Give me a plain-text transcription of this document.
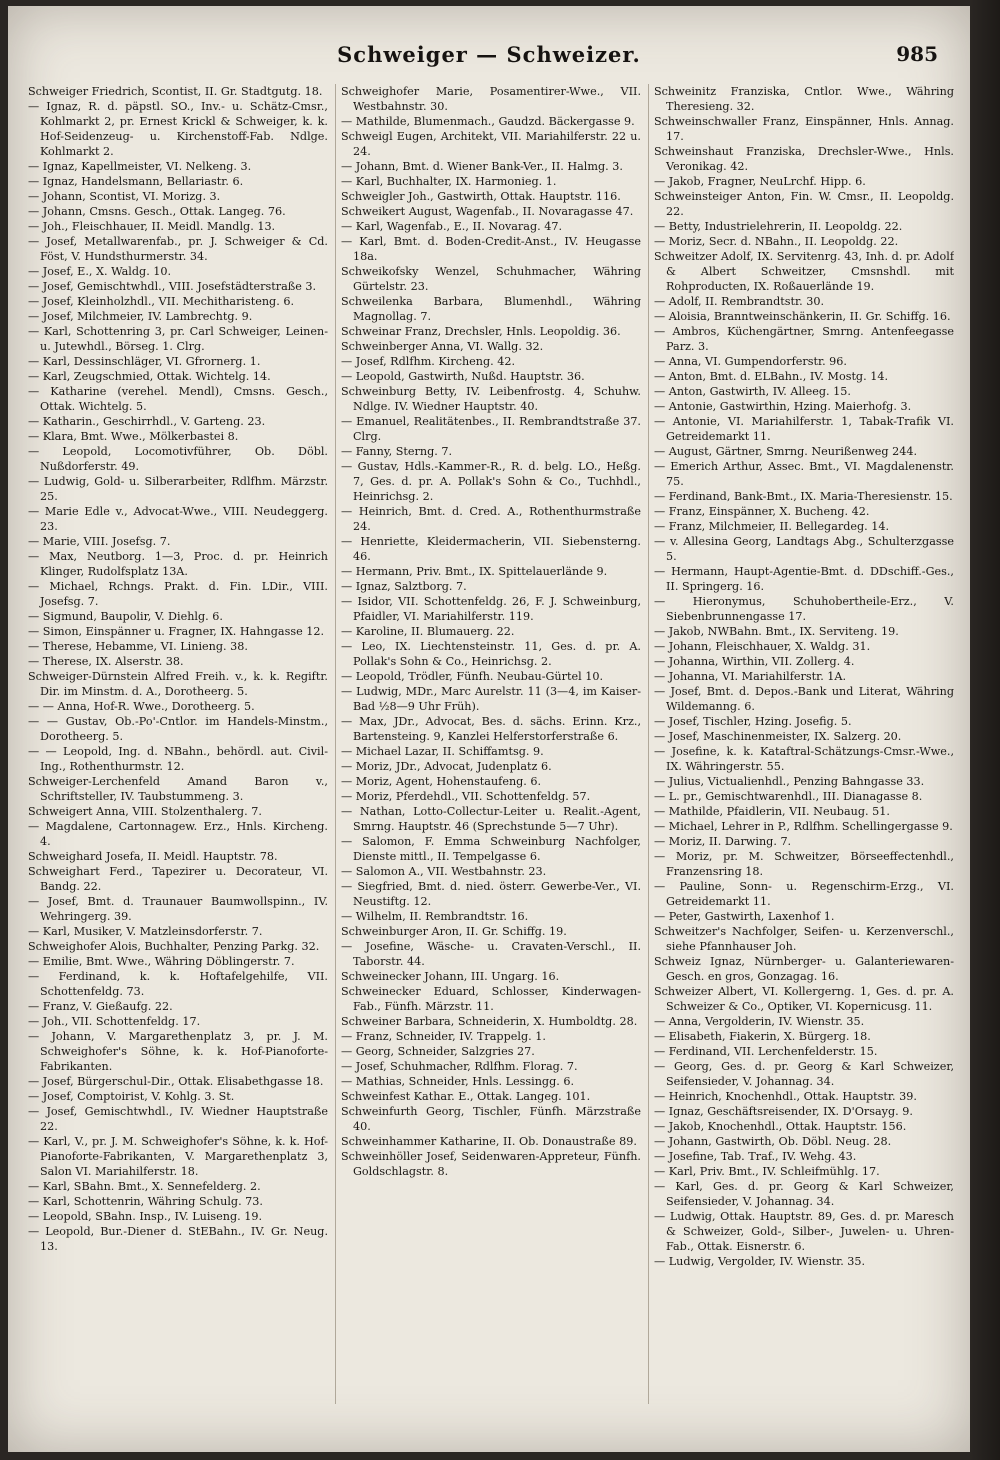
Schweiger — Schweizer.	985

Schweiger Friedrich, Scontist, II. Gr. Stadtgutg. 18.

— Ignaz, R. d. päpstl. SO., Inv.- u. Schätz-Cmsr., Kohlmarkt 2, pr. Ernest Krickl & Schweiger, k. k. Hof-Seidenzeug- u. Kirchenstoff-Fab. Ndlge. Kohlmarkt 2.

— Ignaz, Kapellmeister, VI. Nelkeng. 3.

— Ignaz, Handelsmann, Bellariastr. 6.

— Johann, Scontist, VI. Morizg. 3.

— Johann, Cmsns. Gesch., Ottak. Langeg. 76.

— Joh., Fleischhauer, II. Meidl. Mandlg. 13.

— Josef, Metallwarenfab., pr. J. Schweiger & Cd. Föst, V. Hundsthurmerstr. 34.

— Josef, E., X. Waldg. 10.

— Josef, Gemischtwhdl., VIII. Josefstädterstraße 3.

— Josef, Kleinholzhdl., VII. Mechitharisteng. 6.

— Josef, Milchmeier, IV. Lambrechtg. 9.

— Karl, Schottenring 3, pr. Carl Schweiger, Leinen- u. Jutewhdl., Börseg. 1. Clrg.

— Karl, Dessinschläger, VI. Gfrornerg. 1.

— Karl, Zeugschmied, Ottak. Wichtelg. 14.

— Katharine (verehel. Mendl), Cmsns. Gesch., Ottak. Wichtelg. 5.

— Katharin., Geschirrhdl., V. Garteng. 23.

— Klara, Bmt. Wwe., Mölkerbastei 8.

— Leopold, Locomotivführer, Ob. Döbl. Nußdorferstr. 49.

— Ludwig, Gold- u. Silberarbeiter, Rdlfhm. Märzstr. 25.

— Marie Edle v., Advocat-Wwe., VIII. Neudeggerg. 23.

— Marie, VIII. Josefsg. 7.

— Max, Neutborg. 1—3, Proc. d. pr. Heinrich Klinger, Rudolfsplatz 13A.

— Michael, Rchngs. Prakt. d. Fin. LDir., VIII. Josefsg. 7.

— Sigmund, Baupolir, V. Diehlg. 6.

— Simon, Einspänner u. Fragner, IX. Hahngasse 12.

— Therese, Hebamme, VI. Linieng. 38.

— Therese, IX. Alserstr. 38.

Schweiger-Dürnstein Alfred Freih. v., k. k. Regiftr. Dir. im Minstm. d. A., Dorotheerg. 5.

— — Anna, Hof-R. Wwe., Dorotheerg. 5.

— — Gustav, Ob.-Po'-Cntlor. im Handels-Minstm., Dorotheerg. 5.

— — Leopold, Ing. d. NBahn., behördl. aut. Civil-Ing., Rothenthurmstr. 12.

Schweiger-Lerchenfeld Amand Baron v., Schriftsteller, IV. Taubstummeng. 3.

Schweigert Anna, VIII. Stolzenthalerg. 7.

— Magdalene, Cartonnagew. Erz., Hnls. Kircheng. 4.

Schweighard Josefa, II. Meidl. Hauptstr. 78.

Schweighart Ferd., Tapezirer u. Decorateur, VI. Bandg. 22.

— Josef, Bmt. d. Traunauer Baumwollspinn., IV. Wehringerg. 39.

— Karl, Musiker, V. Matzleinsdorferstr. 7.

Schweighofer Alois, Buchhalter, Penzing Parkg. 32.

— Emilie, Bmt. Wwe., Währing Döblingerstr. 7.

— Ferdinand, k. k. Hoftafelgehilfe, VII. Schottenfeldg. 73.

— Franz, V. Gießaufg. 22.

— Joh., VII. Schottenfeldg. 17.

— Johann, V. Margarethenplatz 3, pr. J. M. Schweighofer's Söhne, k. k. Hof-Pianoforte-Fabrikanten.

— Josef, Bürgerschul-Dir., Ottak. Elisabethgasse 18.

— Josef, Comptoirist, V. Kohlg. 3. St.

— Josef, Gemischtwhdl., IV. Wiedner Hauptstraße 22.

— Karl, V., pr. J. M. Schweighofer's Söhne, k. k. Hof-Pianoforte-Fabrikanten, V. Margarethenplatz 3, Salon VI. Mariahilferstr. 18.

— Karl, SBahn. Bmt., X. Sennefelderg. 2.

— Karl, Schottenrin, Währing Schulg. 73.

— Leopold, SBahn. Insp., IV. Luiseng. 19.

— Leopold, Bur.-Diener d. StEBahn., IV. Gr. Neug. 13.

Schweighofer Marie, Posamentirer-Wwe., VII. Westbahnstr. 30.

— Mathilde, Blumenmach., Gaudzd. Bäckergasse 9.

Schweigl Eugen, Architekt, VII. Mariahilferstr. 22 u. 24.

— Johann, Bmt. d. Wiener Bank-Ver., II. Halmg. 3.

— Karl, Buchhalter, IX. Harmonieg. 1.

Schweigler Joh., Gastwirth, Ottak. Hauptstr. 116.

Schweikert August, Wagenfab., II. Novaragasse 47.

— Karl, Wagenfab., E., II. Novarag. 47.

— Karl, Bmt. d. Boden-Credit-Anst., IV. Heugasse 18a.

Schweikofsky Wenzel, Schuhmacher, Währing Gürtelstr. 23.

Schweilenka Barbara, Blumenhdl., Währing Magnollag. 7.

Schweinar Franz, Drechsler, Hnls. Leopoldig. 36.

Schweinberger Anna, VI. Wallg. 32.

— Josef, Rdlfhm. Kircheng. 42.

— Leopold, Gastwirth, Nußd. Hauptstr. 36.

Schweinburg Betty, IV. Leibenfrostg. 4, Schuhw. Ndlge. IV. Wiedner Hauptstr. 40.

— Emanuel, Realitätenbes., II. Rembrandtstraße 37. Clrg.

— Fanny, Sterng. 7.

— Gustav, Hdls.-Kammer-R., R. d. belg. LO., Heßg. 7, Ges. d. pr. A. Pollak's Sohn & Co., Tuchhdl., Heinrichsg. 2.

— Heinrich, Bmt. d. Cred. A., Rothenthurmstraße 24.

— Henriette, Kleidermacherin, VII. Siebensterng. 46.

— Hermann, Priv. Bmt., IX. Spittelauerlände 9.

— Ignaz, Salztborg. 7.

— Isidor, VII. Schottenfeldg. 26, F. J. Schweinburg, Pfaidler, VI. Mariahilferstr. 119.

— Karoline, II. Blumauerg. 22.

— Leo, IX. Liechtensteinstr. 11, Ges. d. pr. A. Pollak's Sohn & Co., Heinrichsg. 2.

— Leopold, Trödler, Fünfh. Neubau-Gürtel 10.

— Ludwig, MDr., Marc Aurelstr. 11 (3—4, im Kaiser-Bad ½8—9 Uhr Früh).

— Max, JDr., Advocat, Bes. d. sächs. Erinn. Krz., Bartensteing. 9, Kanzlei Helferstorferstraße 6.

— Michael Lazar, II. Schiffamtsg. 9.

— Moriz, JDr., Advocat, Judenplatz 6.

— Moriz, Agent, Hohenstaufeng. 6.

— Moriz, Pferdehdl., VII. Schottenfeldg. 57.

— Nathan, Lotto-Collectur-Leiter u. Realit.-Agent, Smrng. Hauptstr. 46 (Sprechstunde 5—7 Uhr).

— Salomon, F. Emma Schweinburg Nachfolger, Dienste mittl., II. Tempelgasse 6.

— Salomon A., VII. Westbahnstr. 23.

— Siegfried, Bmt. d. nied. österr. Gewerbe-Ver., VI. Neustiftg. 12.

— Wilhelm, II. Rembrandtstr. 16.

Schweinburger Aron, II. Gr. Schiffg. 19.

— Josefine, Wäsche- u. Cravaten-Verschl., II. Taborstr. 44.

Schweinecker Johann, III. Ungarg. 16.

Schweinecker Eduard, Schlosser, Kinderwagen-Fab., Fünfh. Märzstr. 11.

Schweiner Barbara, Schneiderin, X. Humboldtg. 28.

— Franz, Schneider, IV. Trappelg. 1.

— Georg, Schneider, Salzgries 27.

— Josef, Schuhmacher, Rdlfhm. Florag. 7.

— Mathias, Schneider, Hnls. Lessingg. 6.

Schweinfest Kathar. E., Ottak. Langeg. 101.

Schweinfurth Georg, Tischler, Fünfh. Märzstraße 40.

Schweinhammer Katharine, II. Ob. Donaustraße 89.

Schweinhöller Josef, Seidenwaren-Appreteur, Fünfh. Goldschlagstr. 8.

Schweinitz Franziska, Cntlor. Wwe., Währing Theresieng. 32.

Schweinschwaller Franz, Einspänner, Hnls. Annag. 17.

Schweinshaut Franziska, Drechsler-Wwe., Hnls. Veronikag. 42.

— Jakob, Fragner, NeuLrchf. Hipp. 6.

Schweinsteiger Anton, Fin. W. Cmsr., II. Leopoldg. 22.

— Betty, Industrielehrerin, II. Leopoldg. 22.

— Moriz, Secr. d. NBahn., II. Leopoldg. 22.

Schweitzer Adolf, IX. Servitenrg. 43, Inh. d. pr. Adolf & Albert Schweitzer, Cmsnshdl. mit Rohproducten, IX. Roßauerlände 19.

— Adolf, II. Rembrandtstr. 30.

— Aloisia, Branntweinschänkerin, II. Gr. Schiffg. 16.

— Ambros, Küchengärtner, Smrng. Antenfeegasse Parz. 3.

— Anna, VI. Gumpendorferstr. 96.

— Anton, Bmt. d. ELBahn., IV. Mostg. 14.

— Anton, Gastwirth, IV. Alleeg. 15.

— Antonie, Gastwirthin, Hzing. Maierhofg. 3.

— Antonie, VI. Mariahilferstr. 1, Tabak-Trafik VI. Getreidemarkt 11.

— August, Gärtner, Smrng. Neurißenweg 244.

— Emerich Arthur, Assec. Bmt., VI. Magdalenenstr. 75.

— Ferdinand, Bank-Bmt., IX. Maria-Theresienstr. 15.

— Franz, Einspänner, X. Bucheng. 42.

— Franz, Milchmeier, II. Bellegardeg. 14.

— v. Allesina Georg, Landtags Abg., Schulterzgasse 5.

— Hermann, Haupt-Agentie-Bmt. d. DDschiff.-Ges., II. Springerg. 16.

— Hieronymus, Schuhobertheile-Erz., V. Siebenbrunnengasse 17.

— Jakob, NWBahn. Bmt., IX. Serviteng. 19.

— Johann, Fleischhauer, X. Waldg. 31.

— Johanna, Wirthin, VII. Zollerg. 4.

— Johanna, VI. Mariahilferstr. 1A.

— Josef, Bmt. d. Depos.-Bank und Literat, Währing Wildemanng. 6.

— Josef, Tischler, Hzing. Josefig. 5.

— Josef, Maschinenmeister, IX. Salzerg. 20.

— Josefine, k. k. Kataftral-Schätzungs-Cmsr.-Wwe., IX. Währingerstr. 55.

— Julius, Victualienhdl., Penzing Bahngasse 33.

— L. pr., Gemischtwarenhdl., III. Dianagasse 8.

— Mathilde, Pfaidlerin, VII. Neubaug. 51.

— Michael, Lehrer in P., Rdlfhm. Schellingergasse 9.

— Moriz, II. Darwing. 7.

— Moriz, pr. M. Schweitzer, Börseeffectenhdl., Franzensring 18.

— Pauline, Sonn- u. Regenschirm-Erzg., VI. Getreidemarkt 11.

— Peter, Gastwirth, Laxenhof 1.

Schweitzer's Nachfolger, Seifen- u. Kerzenverschl., siehe Pfannhauser Joh.

Schweiz Ignaz, Nürnberger- u. Galanteriewaren-Gesch. en gros, Gonzagag. 16.

Schweizer Albert, VI. Kollergerng. 1, Ges. d. pr. A. Schweizer & Co., Optiker, VI. Kopernicusg. 11.

— Anna, Vergolderin, IV. Wienstr. 35.

— Elisabeth, Fiakerin, X. Bürgerg. 18.

— Ferdinand, VII. Lerchenfelderstr. 15.

— Georg, Ges. d. pr. Georg & Karl Schweizer, Seifensieder, V. Johannag. 34.

— Heinrich, Knochenhdl., Ottak. Hauptstr. 39.

— Ignaz, Geschäftsreisender, IX. D'Orsayg. 9.

— Jakob, Knochenhdl., Ottak. Hauptstr. 156.

— Johann, Gastwirth, Ob. Döbl. Neug. 28.

— Josefine, Tab. Traf., IV. Wehg. 43.

— Karl, Priv. Bmt., IV. Schleifmühlg. 17.

— Karl, Ges. d. pr. Georg & Karl Schweizer, Seifensieder, V. Johannag. 34.

— Ludwig, Ottak. Hauptstr. 89, Ges. d. pr. Maresch & Schweizer, Gold-, Silber-, Juwelen- u. Uhren-Fab., Ottak. Eisnerstr. 6.

— Ludwig, Vergolder, IV. Wienstr. 35.
